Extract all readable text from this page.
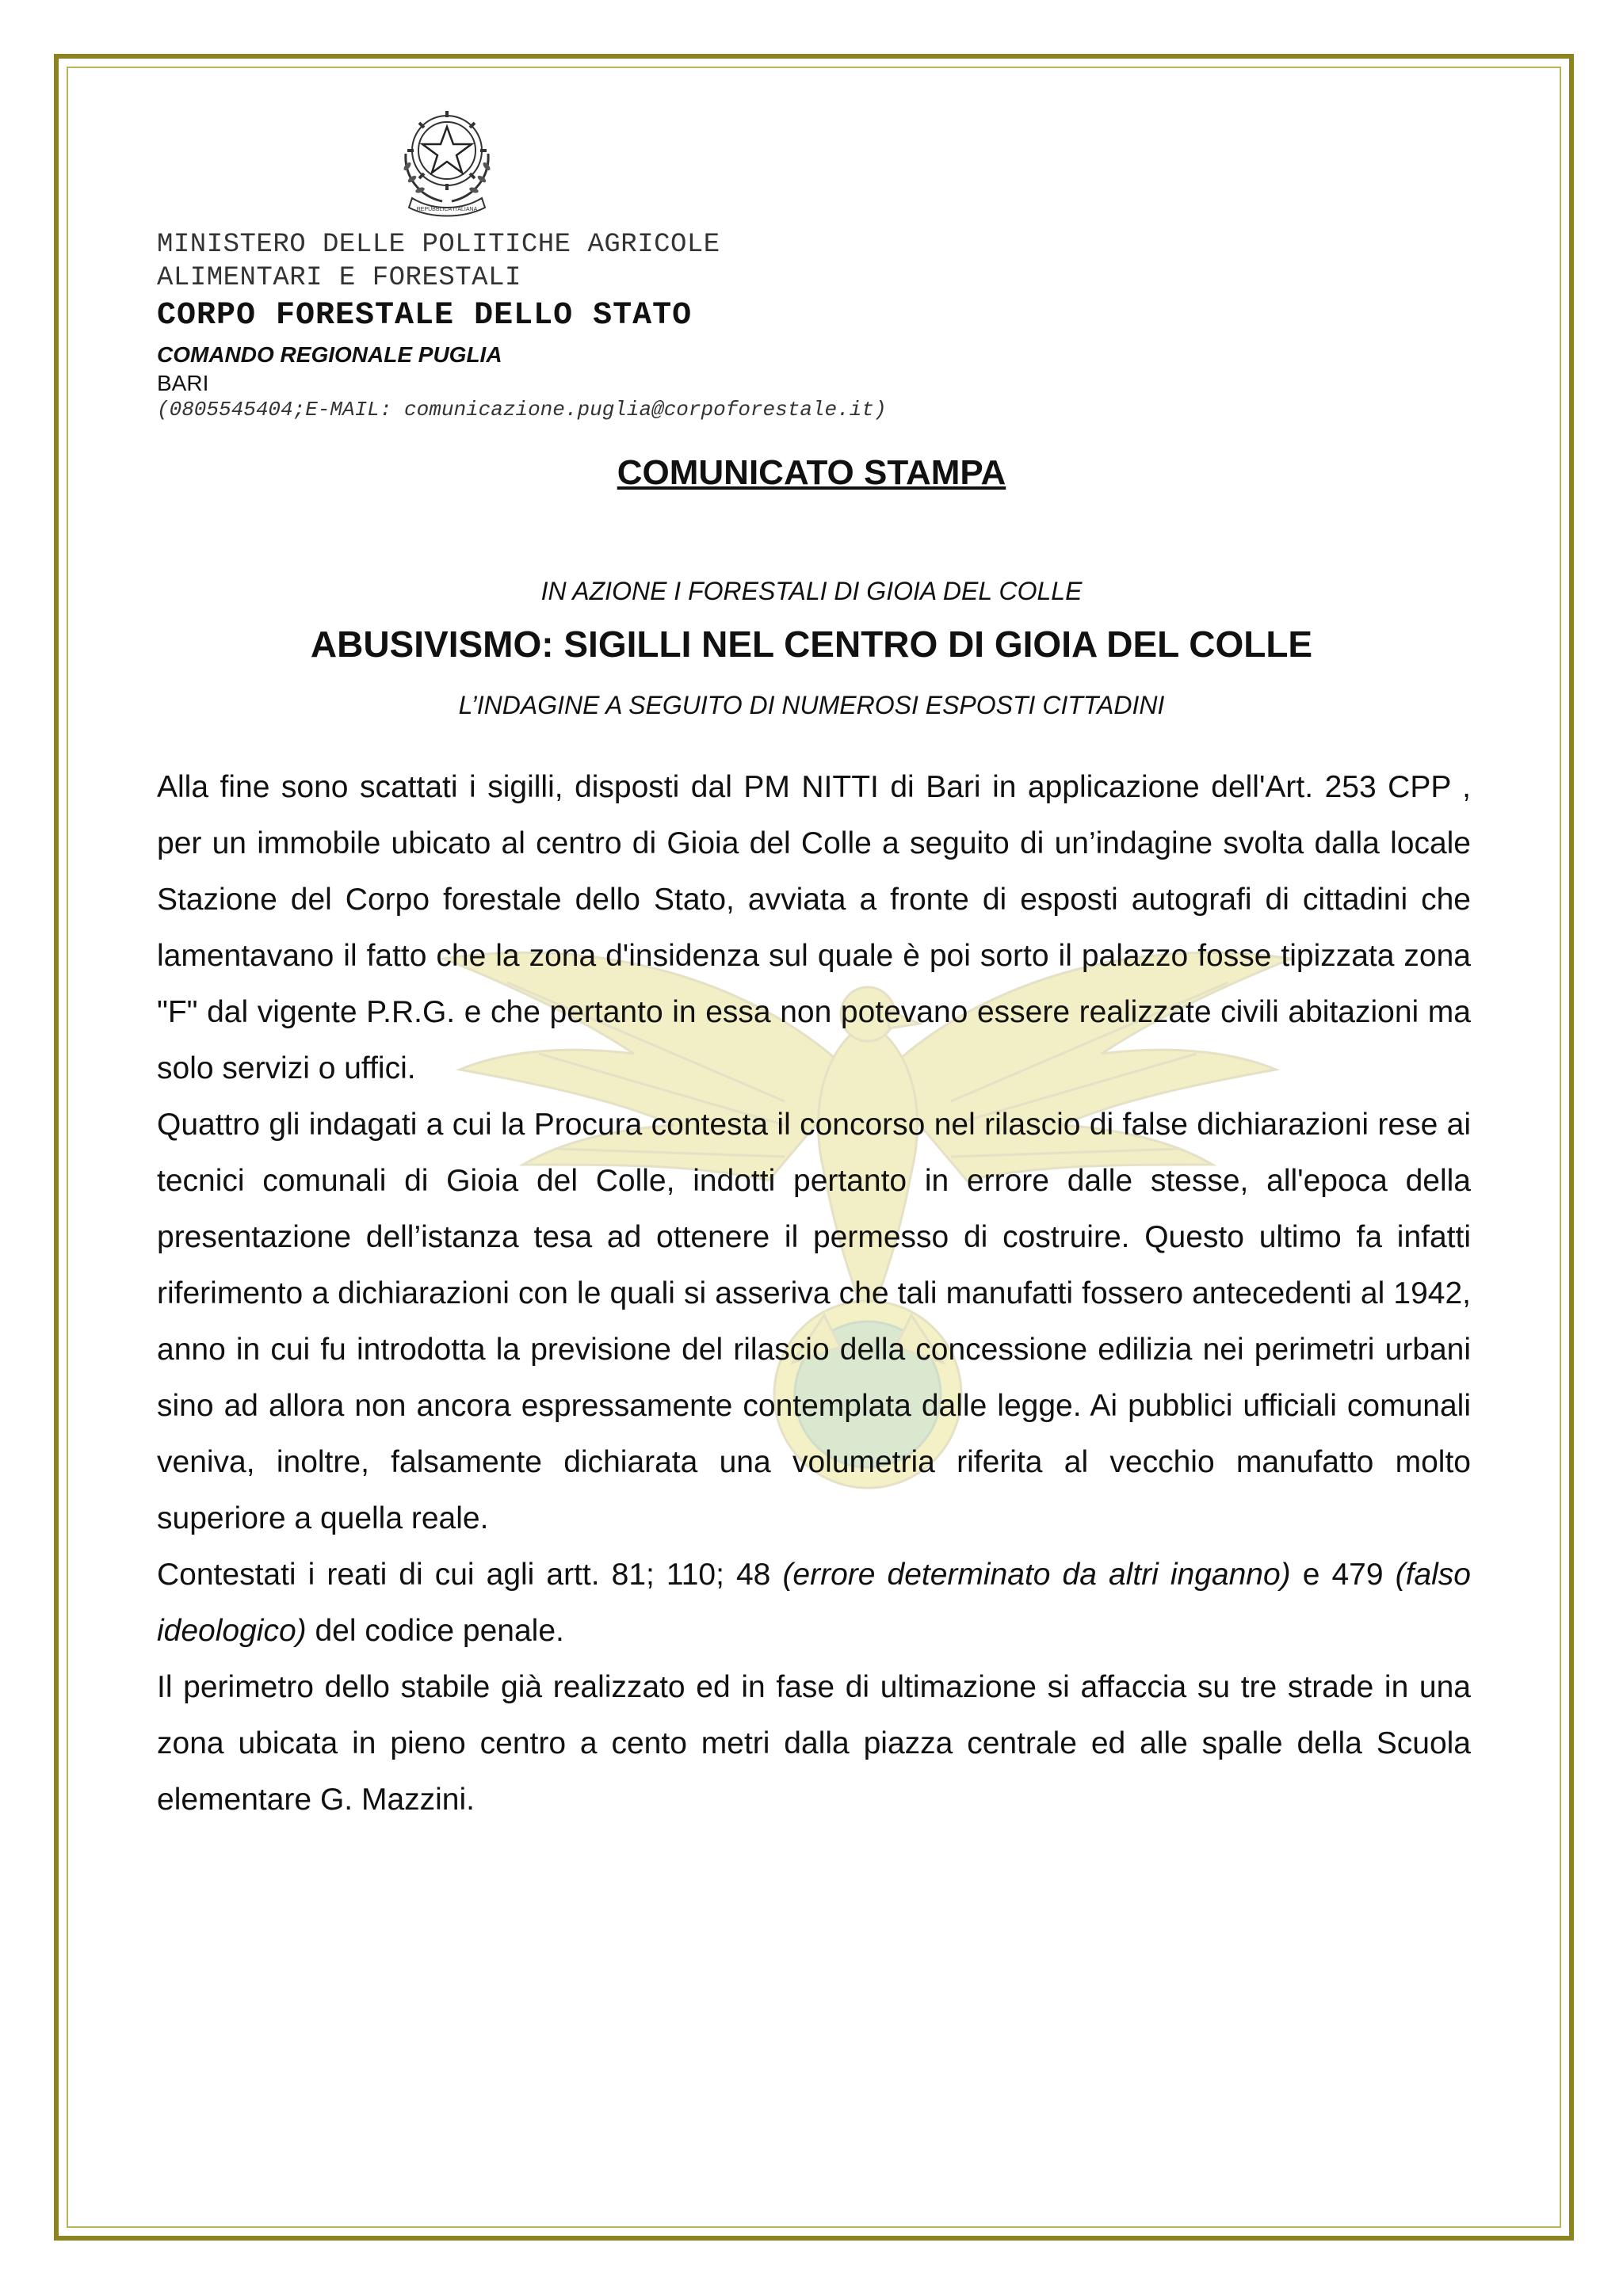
REPUBBLICA ITALIANA
MINISTERO DELLE POLITICHE AGRICOLE
ALIMENTARI E FORESTALI
CORPO FORESTALE DELLO STATO
COMANDO REGIONALE PUGLIA
BARI
(0805545404;E-MAIL: comunicazione.puglia@corpoforestale.it)
COMUNICATO STAMPA
IN AZIONE I FORESTALI DI GIOIA DEL COLLE
ABUSIVISMO: SIGILLI NEL CENTRO DI GIOIA DEL COLLE
L’INDAGINE A SEGUITO DI NUMEROSI ESPOSTI CITTADINI

Alla fine sono scattati i sigilli, disposti dal PM NITTI di Bari in applicazione dell'Art. 253 CPP , per un immobile ubicato al centro di Gioia del Colle a seguito di un’indagine svolta dalla locale Stazione del Corpo forestale dello Stato, avviata a fronte di esposti autografi di cittadini che lamentavano il fatto che la zona d'insidenza sul quale è poi sorto il palazzo fosse tipizzata zona "F" dal vigente P.R.G. e che pertanto in essa non potevano essere realizzate civili abitazioni ma solo servizi o uffici.

Quattro gli indagati a cui la Procura contesta il concorso nel rilascio di false dichiarazioni rese ai tecnici comunali di Gioia del Colle, indotti pertanto in errore dalle stesse, all'epoca della presentazione dell’istanza tesa ad ottenere il permesso di costruire. Questo ultimo fa infatti riferimento a dichiarazioni con le quali si asseriva che tali manufatti fossero antecedenti al 1942, anno in cui fu introdotta la previsione del rilascio della concessione edilizia nei perimetri urbani sino ad allora non ancora espressamente contemplata dalle legge. Ai pubblici ufficiali comunali veniva, inoltre, falsamente dichiarata una volumetria riferita al vecchio manufatto molto superiore a quella reale.

Contestati i reati di cui agli artt. 81; 110; 48 (errore determinato da altri inganno) e 479 (falso ideologico) del codice penale.

Il perimetro dello stabile già realizzato ed in fase di ultimazione si affaccia su tre strade in una zona ubicata in pieno centro a cento metri dalla piazza centrale ed alle spalle della Scuola elementare G. Mazzini.
